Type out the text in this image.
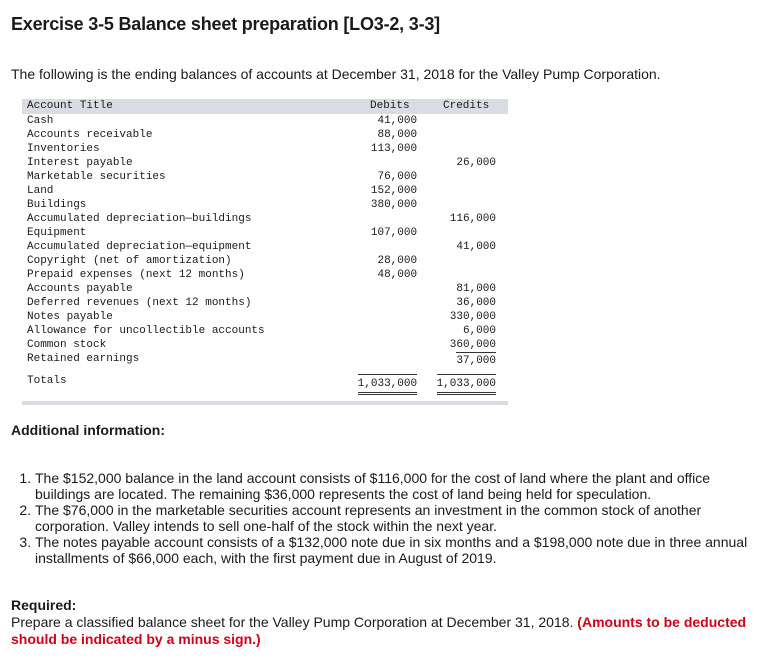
Exercise 3-5 Balance sheet preparation [LO3-2, 3-3]
The following is the ending balances of accounts at December 31, 2018 for the Valley Pump Corporation.
Account Title	Debits	Credits
Cash	41,000	
Accounts receivable	88,000	
Inventories	113,000	
Interest payable		26,000
Marketable securities	76,000	
Land	152,000	
Buildings	380,000	
Accumulated depreciation—buildings		116,000
Equipment	107,000	
Accumulated depreciation—equipment		41,000
Copyright (net of amortization)	28,000	
Prepaid expenses (next 12 months)	48,000	
Accounts payable		81,000
Deferred revenues (next 12 months)		36,000
Notes payable		330,000
Allowance for uncollectible accounts		6,000
Common stock		360,000
Retained earnings		37,000
Totals	1,033,000	1,033,000
Additional information:
1. The $152,000 balance in the land account consists of $116,000 for the cost of land where the plant and office buildings are located. The remaining $36,000 represents the cost of land being held for speculation.
2. The $76,000 in the marketable securities account represents an investment in the common stock of another corporation. Valley intends to sell one-half of the stock within the next year.
3. The notes payable account consists of a $132,000 note due in six months and a $198,000 note due in three annual installments of $66,000 each, with the first payment due in August of 2019.
Required:
Prepare a classified balance sheet for the Valley Pump Corporation at December 31, 2018. (Amounts to be deducted should be indicated by a minus sign.)
